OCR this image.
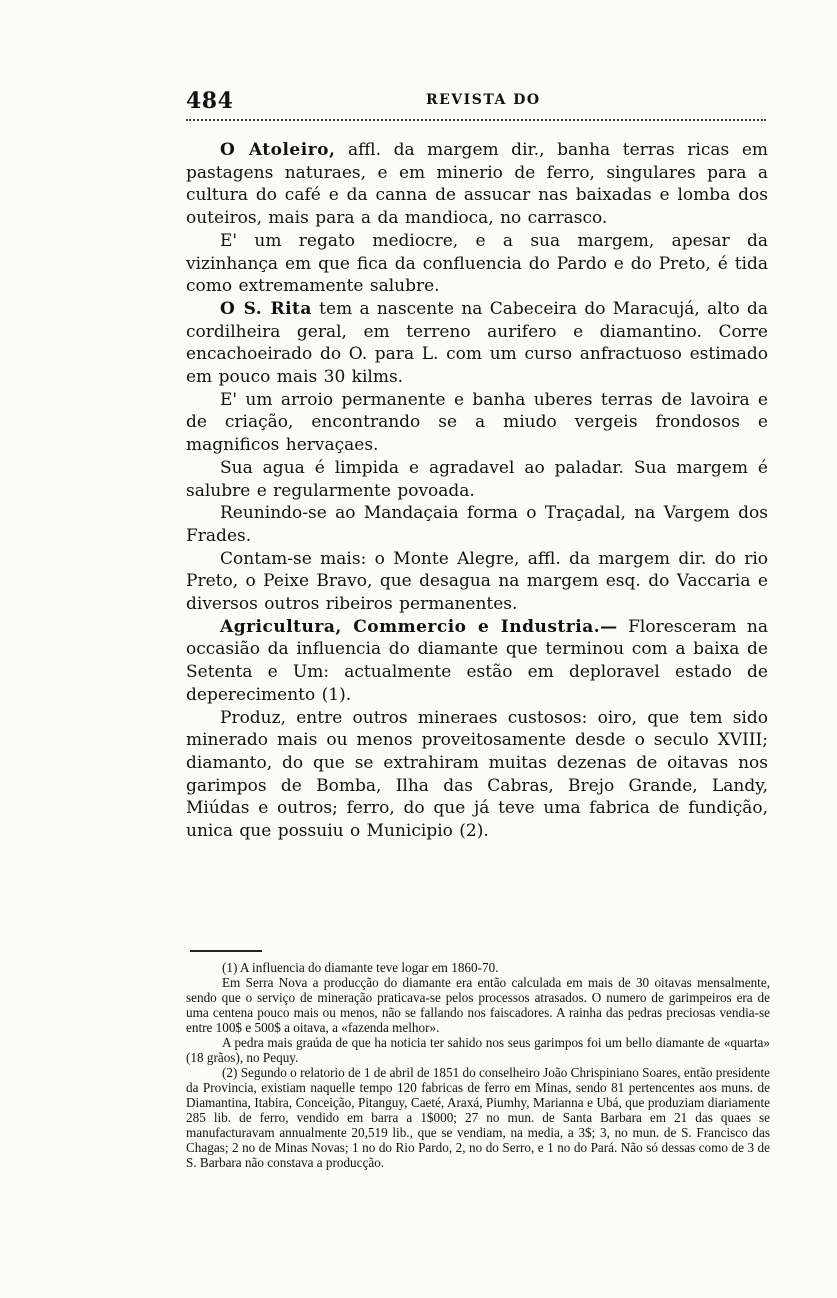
484	REVISTA DO

O Atoleiro, affl. da margem dir., banha terras ricas em pastagens naturaes, e em minerio de ferro, singulares para a cultura do café e da canna de assucar nas baixadas e lomba dos outeiros, mais para a da mandioca, no carrasco.

E' um regato mediocre, e a sua margem, apesar da vizinhança em que fica da confluencia do Pardo e do Preto, é tida como extremamente salubre.

O S. Rita tem a nascente na Cabeceira do Maracujá, alto da cordilheira geral, em terreno aurifero e diamantino. Corre encachoeirado do O. para L. com um curso anfractuoso estimado em pouco mais 30 kilms.

E' um arroio permanente e banha uberes terras de lavoira e de criação, encontrando se a miudo vergeis frondosos e magnificos hervaçaes.

Sua agua é limpida e agradavel ao paladar. Sua margem é salubre e regularmente povoada.

Reunindo-se ao Mandaçaia forma o Traçadal, na Vargem dos Frades.

Contam-se mais: o Monte Alegre, affl. da margem dir. do rio Preto, o Peixe Bravo, que desagua na margem esq. do Vaccaria e diversos outros ribeiros permanentes.

Agricultura, Commercio e Industria.— Floresceram na occasião da influencia do diamante que terminou com a baixa de Setenta e Um: actualmente estão em deploravel estado de deperecimento (1).

Produz, entre outros mineraes custosos: oiro, que tem sido minerado mais ou menos proveitosamente desde o seculo XVIII; diamanto, do que se extrahiram muitas dezenas de oitavas nos garimpos de Bomba, Ilha das Cabras, Brejo Grande, Landy, Miúdas e outros; ferro, do que já teve uma fabrica de fundição, unica que possuiu o Municipio (2).

(1) A influencia do diamante teve logar em 1860-70.

Em Serra Nova a producção do diamante era então calculada em mais de 30 oitavas mensalmente, sendo que o serviço de mineração praticava-se pelos processos atrasados. O numero de garimpeiros era de uma centena pouco mais ou menos, não se fallando nos faiscadores. A rainha das pedras preciosas vendia-se entre 100$ e 500$ a oitava, a «fazenda melhor».

A pedra mais graúda de que ha noticia ter sahido nos seus garimpos foi um bello diamante de «quarta» (18 grãos), no Pequy.

(2) Segundo o relatorio de 1 de abril de 1851 do conselheiro João Chrispiniano Soares, então presidente da Provincia, existiam naquelle tempo 120 fabricas de ferro em Minas, sendo 81 pertencentes aos muns. de Diamantina, Itabira, Conceição, Pitanguy, Caeté, Araxá, Piumhy, Marianna e Ubá, que produziam diariamente 285 lib. de ferro, vendido em barra a 1$000; 27 no mun. de Santa Barbara em 21 das quaes se manufacturavam annualmente 20,519 lib., que se vendiam, na media, a 3$; 3, no mun. de S. Francisco das Chagas; 2 no de Minas Novas; 1 no do Rio Pardo, 2, no do Serro, e 1 no do Pará. Não só dessas como de 3 de S. Barbara não constava a producção.
